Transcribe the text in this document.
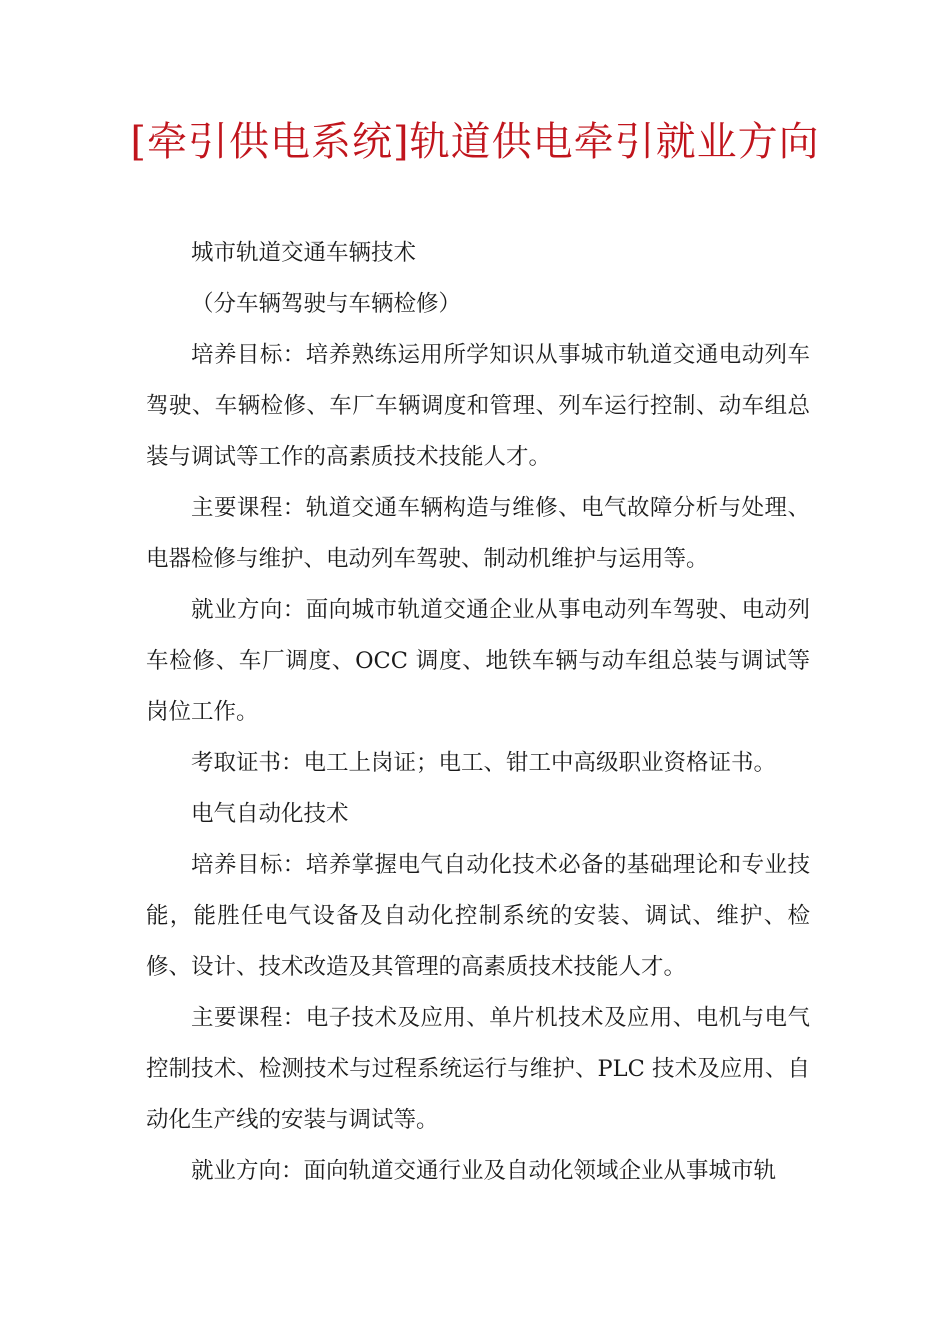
[牵引供电系统]轨道供电牵引就业方向

城市轨道交通车辆技术

（分车辆驾驶与车辆检修）

培养目标：培养熟练运用所学知识从事城市轨道交通电动列车驾驶、车辆检修、车厂车辆调度和管理、列车运行控制、动车组总装与调试等工作的高素质技术技能人才。

主要课程：轨道交通车辆构造与维修、电气故障分析与处理、电器检修与维护、电动列车驾驶、制动机维护与运用等。

就业方向：面向城市轨道交通企业从事电动列车驾驶、电动列车检修、车厂调度、OCC 调度、地铁车辆与动车组总装与调试等岗位工作。

考取证书：电工上岗证；电工、钳工中高级职业资格证书。

电气自动化技术

培养目标：培养掌握电气自动化技术必备的基础理论和专业技能，能胜任电气设备及自动化控制系统的安装、调试、维护、检修、设计、技术改造及其管理的高素质技术技能人才。

主要课程：电子技术及应用、单片机技术及应用、电机与电气控制技术、检测技术与过程系统运行与维护、PLC 技术及应用、自动化生产线的安装与调试等。

就业方向：面向轨道交通行业及自动化领域企业从事城市轨
